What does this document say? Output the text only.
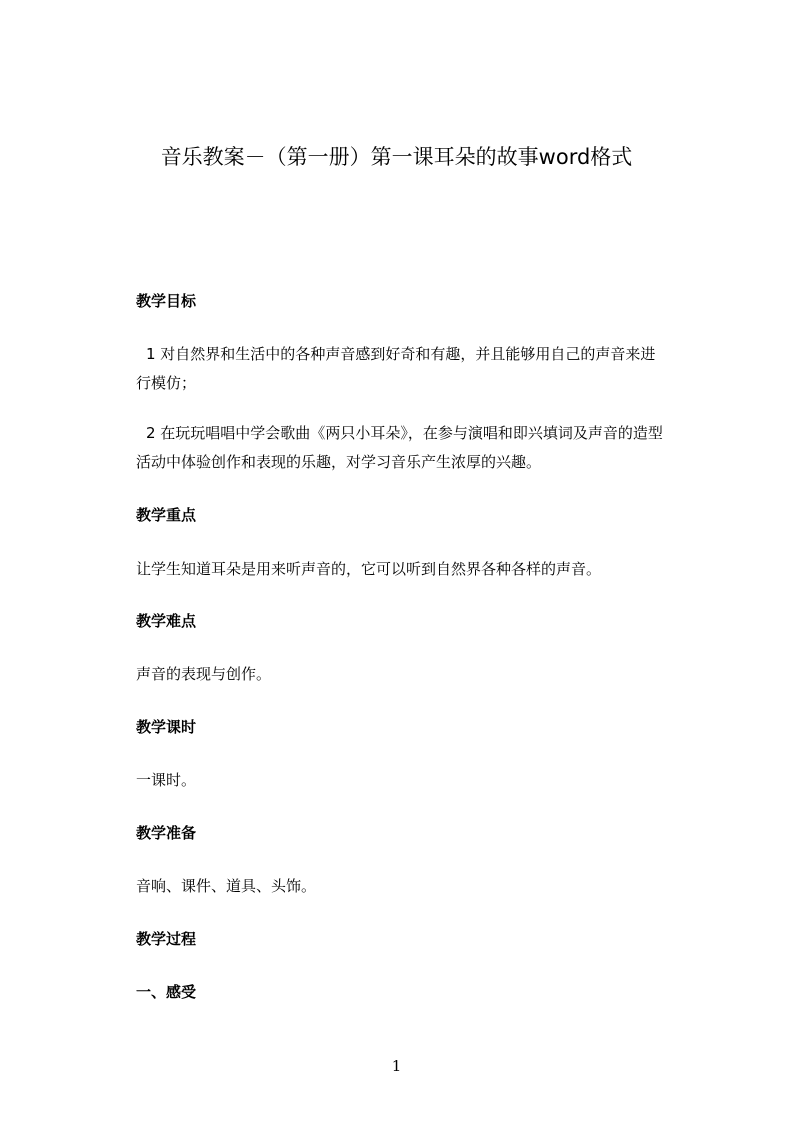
音乐教案－（第一册）第一课耳朵的故事word格式

教学目标

1 对自然界和生活中的各种声音感到好奇和有趣，并且能够用自己的声音来进行模仿；

2 在玩玩唱唱中学会歌曲《两只小耳朵》，在参与演唱和即兴填词及声音的造型活动中体验创作和表现的乐趣，对学习音乐产生浓厚的兴趣。

教学重点

让学生知道耳朵是用来听声音的，它可以听到自然界各种各样的声音。

教学难点

声音的表现与创作。

教学课时

一课时。

教学准备

音响、课件、道具、头饰。

教学过程

一、感受

1
